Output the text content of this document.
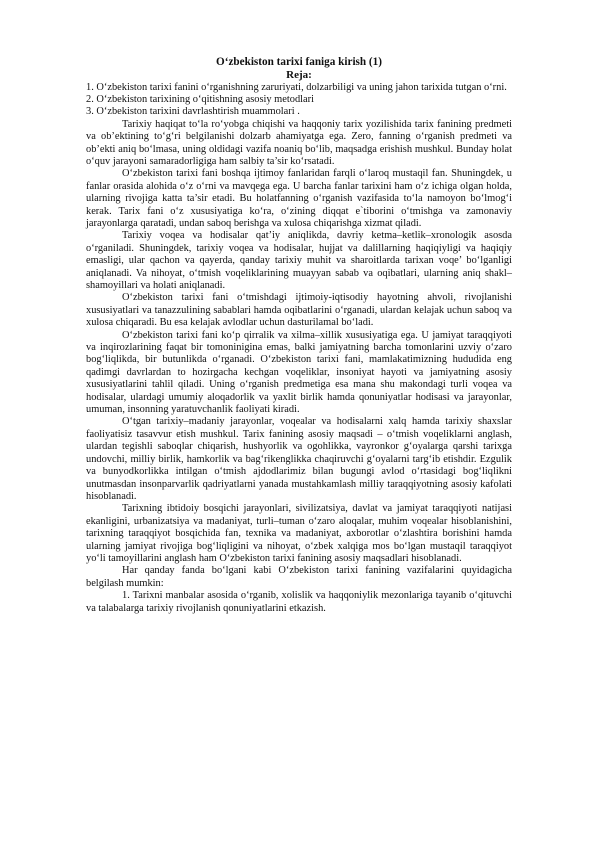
O‘zbekiston tarixi faniga kirish (1)
Reja:
1. O‘zbekiston tarixi fanini o‘rganishning zaruriyati, dolzarbiligi va uning jahon tarixida tutgan o‘rni.
2. O‘zbekiston tarixining o‘qitishning asosiy metodlari
3. O‘zbekiston tarixini davrlashtirish muammolari .

Tarixiy haqiqat to‘la ro‘yobga chiqishi va haqqoniy tarix yozilishida tarix fanining predmeti va ob’ektining to‘g‘ri belgilanishi dolzarb ahamiyatga ega. Zero, fanning o‘rganish predmeti va ob’ekti aniq bo‘lmasa, uning oldidagi vazifa noaniq bo‘lib, maqsadga erishish mushkul. Bunday holat o‘quv jarayoni samaradorligiga ham salbiy ta’sir ko‘rsatadi.

O‘zbekiston tarixi fani boshqa ijtimoy fanlaridan farqli o‘laroq mustaqil fan. Shuningdek, u fanlar orasida alohida o‘z o‘rni va mavqega ega. U barcha fanlar tarixini ham o‘z ichiga olgan holda, ularning rivojiga katta ta’sir etadi. Bu holatfanning o‘rganish vazifasida to‘la namoyon bo‘lmog‘i kerak. Tarix fani o‘z xususiyatiga ko‘ra, o‘zining diqqat e`tiborini o‘tmishga va zamonaviy jarayonlarga qaratadi, undan saboq berishga va xulosa chiqarishga xizmat qiladi.

Tarixiy voqea va hodisalar qat’iy aniqlikda, davriy ketma–ketlik–xronologik asosda o‘rganiladi. Shuningdek, tarixiy voqea va hodisalar, hujjat va dalillarning haqiqiyligi va haqiqiy emasligi, ular qachon va qayerda, qanday tarixiy muhit va sharoitlarda tarixan voqe’ bo‘lganligi aniqlanadi. Va nihoyat, o‘tmish voqeliklarining muayyan sabab va oqibatlari, ularning aniq shakl–shamoyillari va holati aniqlanadi.

O‘zbekiston tarixi fani o‘tmishdagi ijtimoiy-iqtisodiy hayotning ahvoli, rivojlanishi xususiyatlari va tanazzulining sabablari hamda oqibatlarini o‘rganadi, ulardan kelajak uchun saboq va xulosa chiqaradi. Bu esa kelajak avlodlar uchun dasturilamal bo‘ladi.

O‘zbekiston tarixi fani ko‘p qirralik va xilma–xillik xususiyatiga ega. U jamiyat taraqqiyoti va inqirozlarining faqat bir tomoninigina emas, balki jamiyatning barcha tomonlarini uzviy o‘zaro bog‘liqlikda, bir butunlikda o‘rganadi. O‘zbekiston tarixi fani, mamlakatimizning hududida eng qadimgi davrlardan to hozirgacha kechgan voqeliklar, insoniyat hayoti va jamiyatning asosiy xususiyatlarini tahlil qiladi. Uning o‘rganish predmetiga esa mana shu makondagi turli voqea va hodisalar, ulardagi umumiy aloqadorlik va yaxlit birlik hamda qonuniyatlar hodisasi va jarayonlar, umuman, insonning yaratuvchanlik faoliyati kiradi.

O‘tgan tarixiy–madaniy jarayonlar, voqealar va hodisalarni xalq hamda tarixiy shaxslar faoliyatisiz tasavvur etish mushkul. Tarix fanining asosiy maqsadi – o‘tmish voqeliklarni anglash, ulardan tegishli saboqlar chiqarish, hushyorlik va ogohlikka, vayronkor g‘oyalarga qarshi tarixga undovchi, milliy birlik, hamkorlik va bag‘rikenglikka chaqiruvchi g‘oyalarni targ‘ib etishdir. Ezgulik va bunyodkorlikka intilgan o‘tmish ajdodlarimiz bilan bugungi avlod o‘rtasidagi bog‘liqlikni unutmasdan insonparvarlik qadriyatlarni yanada mustahkamlash milliy taraqqiyotning asosiy kafolati hisoblanadi.

Tarixning ibtidoiy bosqichi jarayonlari, sivilizatsiya, davlat va jamiyat taraqqiyoti natijasi ekanligini, urbanizatsiya va madaniyat, turli–tuman o‘zaro aloqalar, muhim voqealar hisoblanishini, tarixning taraqqiyot bosqichida fan, texnika va madaniyat, axborotlar o‘zlashtira borishini hamda ularning jamiyat rivojiga bog‘liqligini va nihoyat, o‘zbek xalqiga mos bo‘lgan mustaqil taraqqiyot yo‘li tamoyillarini anglash ham O‘zbekiston tarixi fanining asosiy maqsadlari hisoblanadi.

Har qanday fanda bo‘lgani kabi O‘zbekiston tarixi fanining vazifalarini quyidagicha belgilash mumkin:

1. Tarixni manbalar asosida o‘rganib, xolislik va haqqoniylik mezonlariga tayanib o‘qituvchi va talabalarga tarixiy rivojlanish qonuniyatlarini etkazish.
